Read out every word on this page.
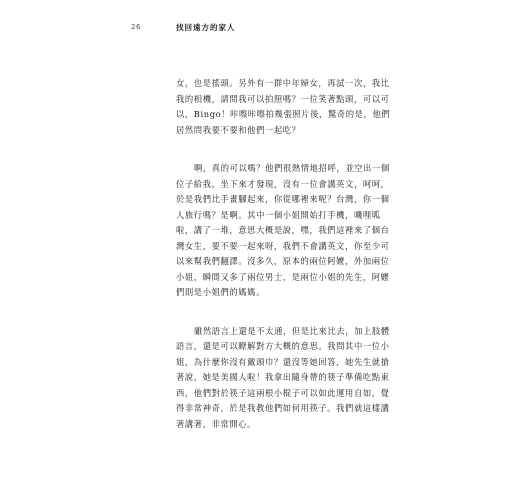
26	找回遠方的家人

女，也是搖頭。另外有一群中年婦女，再試一次，我比
我的相機，請問我可以拍照嗎？一位笑著點頭，可以可
以，Bingo！咔嚓咔嚓拍幾張照片後，驚奇的是，他們
居然問我要不要和他們一起吃？

啊，真的可以嗎？他們很熱情地招呼，並空出一個
位子給我。坐下來才發現，沒有一位會講英文，呵呵，
於是我們比手畫腳起來，你從哪裡來呢？台灣，你一個
人旅行嗎？是啊。其中一個小姐開始打手機，嘰哩呱
啦，講了一堆，意思大概是說，嘿，我們這裡來了個台
灣女生，要不要一起來呀，我們不會講英文，你至少可
以來幫我們翻譯。沒多久，原本的兩位阿嬤，外加兩位
小姐，瞬間又多了兩位男士，是兩位小姐的先生，阿嬤
們則是小姐們的媽媽。

雖然語言上還是不太通，但是比來比去，加上肢體
語言，還是可以瞭解對方大概的意思。我問其中一位小
姐，為什麼你沒有戴頭巾？還沒等她回答，她先生就搶
著說，她是美國人啦！我拿出隨身帶的筷子準備吃點東
西，他們對於筷子這兩根小棍子可以如此運用自如，覺
得非常神奇，於是我教他們如何用筷子。我們就這樣講
著講著，非常開心。
